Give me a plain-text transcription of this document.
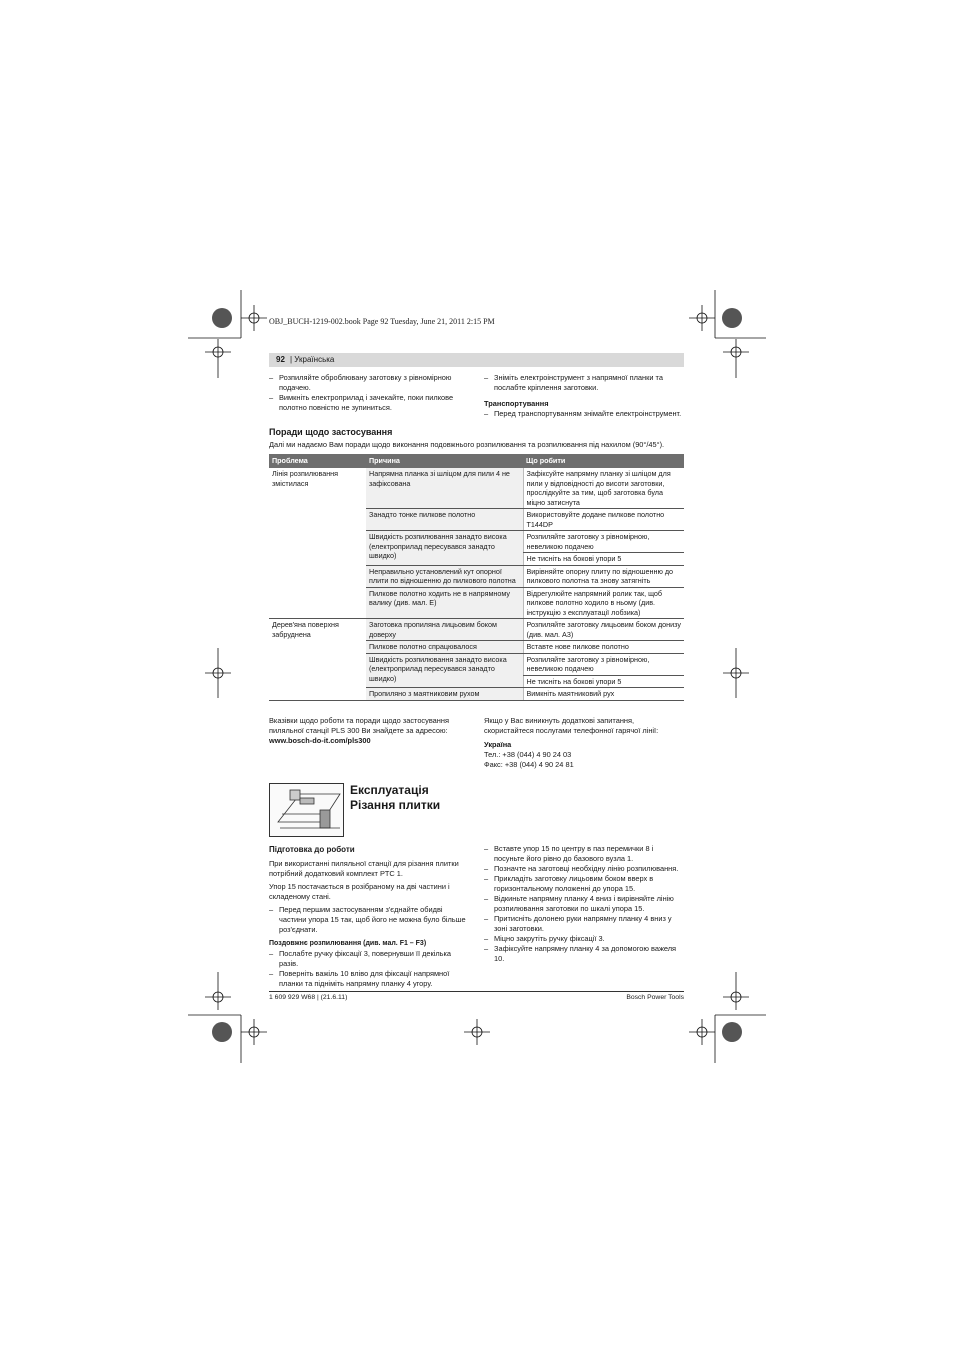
OBJ_BUCH-1219-002.book Page 92 Tuesday, June 21, 2011 2:15 PM
92 | Українська
– Розпиляйте оброблювану заготовку з рівномірною подачею.
– Вимкніть електроприлад і зачекайте, поки пилкове полотно повністю не зупиниться.
– Зніміть електроінструмент з напрямної планки та послабте кріплення заготовки.

Транспортування

– Перед транспортуванням знімайте електроінструмент.
Поради щодо застосування
Далі ми надаємо Вам поради щодо виконання подовжнього розпилювання та розпилювання під нахилом (90°/45°).
Проблема	Причина	Що робити
Лінія розпилювання змістилася	Напрямна планка зі шліцом для пили 4 не зафіксована	Зафіксуйте напрямну планку зі шліцом для пили у відповідності до висоти заготовки, прослідкуйте за тим, щоб заготовка була міцно затиснута
	Занадто тонке пилкове полотно	Використовуйте додане пилкове полотно T144DP
	Швидкість розпилювання занадто висока (електроприлад пересувався занадто швидко)	Розпиляйте заготовку з рівномірною, невеликою подачею
		Не тисніть на бокові упори 5
	Неправильно установлений кут опорної плити по відношенню до пилкового полотна	Вирівняйте опорну плиту по відношенню до пилкового полотна та знову затягніть
	Пилкове полотно ходить не в напрямному валику (див. мал. E)	Відрегулюйте напрямний ролик так, щоб пилкове полотно ходило в ньому (див. інструкцію з експлуатації лобзика)
Дерев'яна поверхня забруднена	Заготовка пропиляна лицьовим боком доверху	Розпиляйте заготовку лицьовим боком донизу (див. мал. A3)
	Пилкове полотно спрацювалося	Вставте нове пилкове полотно
	Швидкість розпилювання занадто висока (електроприлад пересувався занадто швидко)	Розпиляйте заготовку з рівномірною, невеликою подачею
		Не тисніть на бокові упори 5
	Пропиляно з маятниковим рухом	Вимкніть маятниковий рух

Вказівки щодо роботи та поради щодо застосування пиляльної станції PLS 300 Ви знайдете за адресою:

www.bosch-do-it.com/pls300

Якщо у Вас виникнуть додаткові запитання, скористайтеся послугами телефонної гарячої лінії:

Україна

Тел.: +38 (044) 4 90 24 03

Факс: +38 (044) 4 90 24 81

Експлуатація
Різання плитки

Підготовка до роботи

При використанні пиляльної станції для різання плитки потрібний додатковий комплект PTC 1.

Упор 15 постачається в розібраному на дві частини і складеному стані.

– Перед першим застосуванням з'єднайте обидві частини упора 15 так, щоб його не можна було більше роз'єднати.

Поздовжнє розпилювання (див. мал. F1 – F3)

– Послабте ручку фіксації 3, повернувши її декілька разів.
– Поверніть важіль 10 вліво для фіксації напрямної планки та підніміть напрямну планку 4 угору.
– Вставте упор 15 по центру в паз перемички 8 і посуньте його рівно до базового вузла 1.
– Позначте на заготовці необхідну лінію розпилювання.
– Прикладіть заготовку лицьовим боком вверх в горизонтальному положенні до упора 15.
– Відкиньте напрямну планку 4 вниз і вирівняйте лінію розпилювання заготовки по шкалі упора 15.
– Притисніть долонею руки напрямну планку 4 вниз у зоні заготовки.
– Міцно закрутіть ручку фіксації 3.
– Зафіксуйте напрямну планку 4 за допомогою важеля 10.
1 609 929 W68 | (21.6.11)	Bosch Power Tools
